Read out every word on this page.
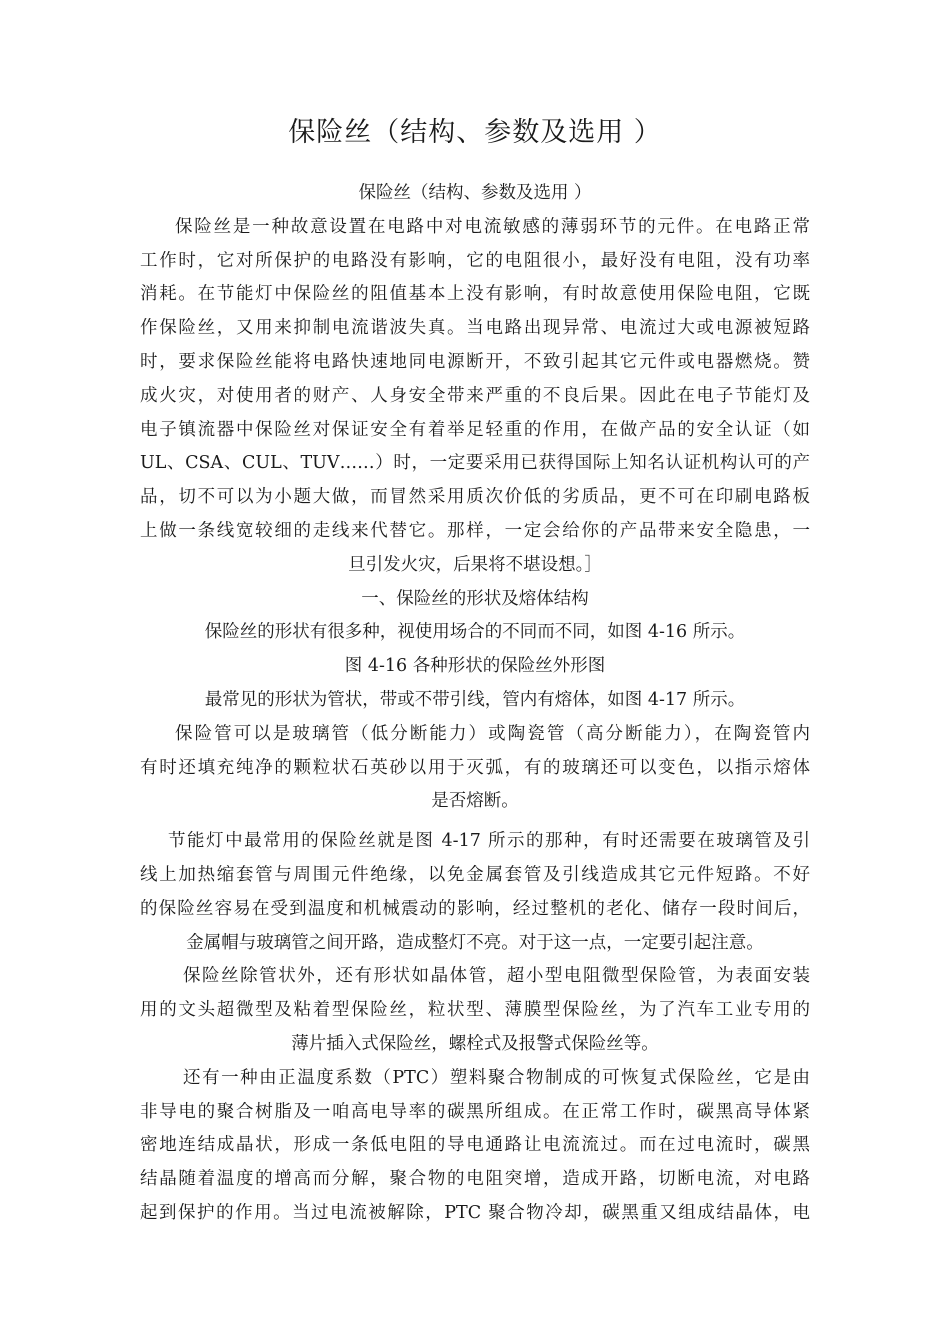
保险丝（结构、参数及选用 ）
保险丝（结构、参数及选用 ）
保险丝是一种故意设置在电路中对电流敏感的薄弱环节的元件。在电路正常
工作时，它对所保护的电路没有影响，它的电阻很小，最好没有电阻，没有功率
消耗。在节能灯中保险丝的阻值基本上没有影响，有时故意使用保险电阻，它既
作保险丝，又用来抑制电流谐波失真。当电路出现异常、电流过大或电源被短路
时，要求保险丝能将电路快速地同电源断开，不致引起其它元件或电器燃烧。赞
成火灾，对使用者的财产、人身安全带来严重的不良后果。因此在电子节能灯及
电子镇流器中保险丝对保证安全有着举足轻重的作用，在做产品的安全认证（如
UL、CSA、CUL、TUV……）时，一定要采用已获得国际上知名认证机构认可的产
品，切不可以为小题大做，而冒然采用质次价低的劣质品，更不可在印刷电路板
上做一条线宽较细的走线来代替它。那样，一定会给你的产品带来安全隐患，一
旦引发火灾，后果将不堪设想。］
一、保险丝的形状及熔体结构
保险丝的形状有很多种，视使用场合的不同而不同，如图 4-16 所示。
图 4-16 各种形状的保险丝外形图
最常见的形状为管状，带或不带引线，管内有熔体，如图 4-17 所示。
保险管可以是玻璃管（低分断能力）或陶瓷管（高分断能力），在陶瓷管内
有时还填充纯净的颗粒状石英砂以用于灭弧，有的玻璃还可以变色，以指示熔体
是否熔断。
节能灯中最常用的保险丝就是图 4-17 所示的那种，有时还需要在玻璃管及引
线上加热缩套管与周围元件绝缘，以免金属套管及引线造成其它元件短路。不好
的保险丝容易在受到温度和机械震动的影响，经过整机的老化、储存一段时间后，
金属帽与玻璃管之间开路，造成整灯不亮。对于这一点，一定要引起注意。
保险丝除管状外，还有形状如晶体管，超小型电阻微型保险管，为表面安装
用的文头超微型及粘着型保险丝，粒状型、薄膜型保险丝，为了汽车工业专用的
薄片插入式保险丝，螺栓式及报警式保险丝等。
还有一种由正温度系数（PTC）塑料聚合物制成的可恢复式保险丝，它是由
非导电的聚合树脂及一咱高电导率的碳黑所组成。在正常工作时，碳黑高导体紧
密地连结成晶状，形成一条低电阻的导电通路让电流流过。而在过电流时，碳黑
结晶随着温度的增高而分解，聚合物的电阻突增，造成开路，切断电流，对电路
起到保护的作用。当过电流被解除，PTC 聚合物冷却，碳黑重又组成结晶体，电
